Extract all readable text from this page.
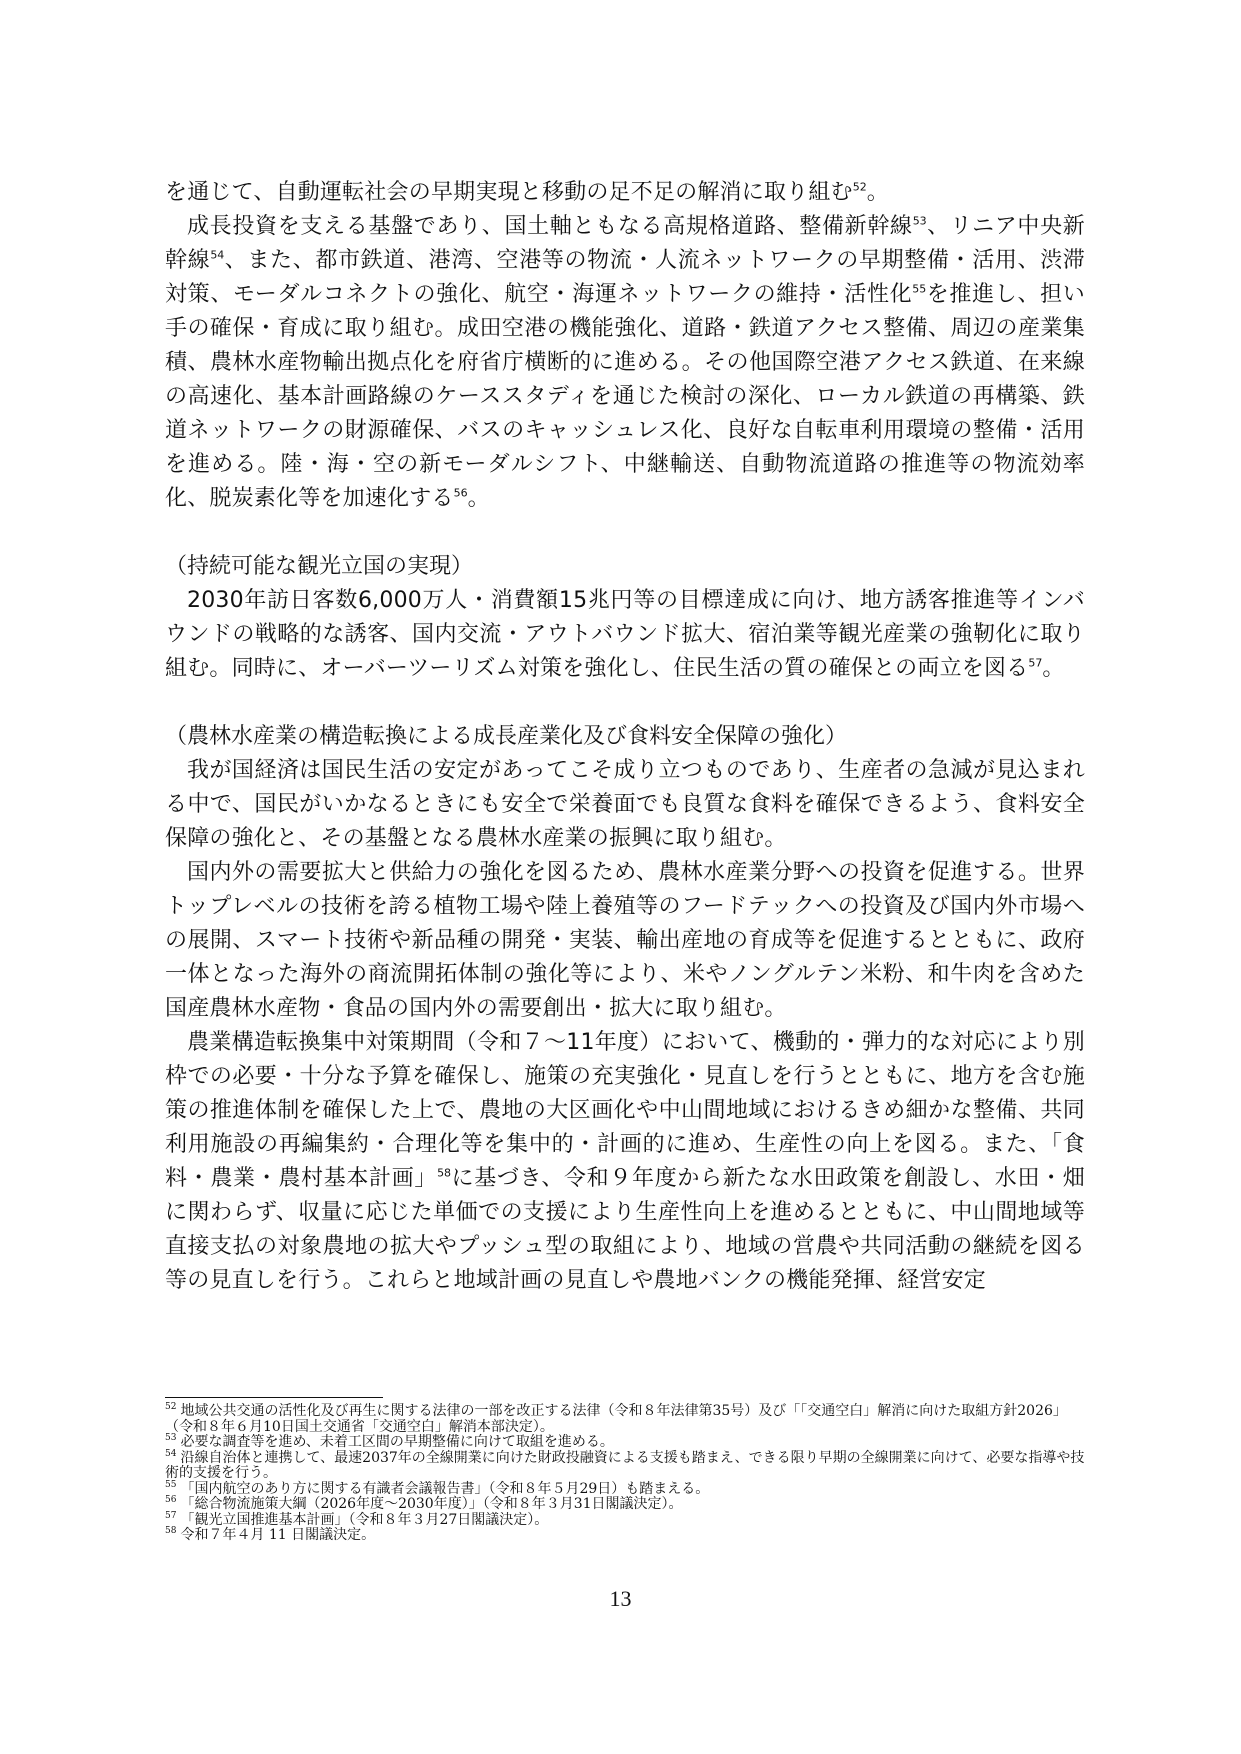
を通じて、自動運転社会の早期実現と移動の足不足の解消に取り組む$^{52}$。

成長投資を支える基盤であり、国土軸ともなる高規格道路、整備新幹線$^{53}$、リニア中央新幹線$^{54}$、また、都市鉄道、港湾、空港等の物流・人流ネットワークの早期整備・活用、渋滞対策、モーダルコネクトの強化、航空・海運ネットワークの維持・活性化$^{55}$を推進し、担い手の確保・育成に取り組む。成田空港の機能強化、道路・鉄道アクセス整備、周辺の産業集積、農林水産物輸出拠点化を府省庁横断的に進める。その他国際空港アクセス鉄道、在来線の高速化、基本計画路線のケーススタディを通じた検討の深化、ローカル鉄道の再構築、鉄道ネットワークの財源確保、バスのキャッシュレス化、良好な自転車利用環境の整備・活用を進める。陸・海・空の新モーダルシフト、中継輸送、自動物流道路の推進等の物流効率化、脱炭素化等を加速化する$^{56}$。

（持続可能な観光立国の実現）

2030年訪日客数6,000万人・消費額15兆円等の目標達成に向け、地方誘客推進等インバウンドの戦略的な誘客、国内交流・アウトバウンド拡大、宿泊業等観光産業の強靭化に取り組む。同時に、オーバーツーリズム対策を強化し、住民生活の質の確保との両立を図る$^{57}$。

（農林水産業の構造転換による成長産業化及び食料安全保障の強化）

我が国経済は国民生活の安定があってこそ成り立つものであり、生産者の急減が見込まれる中で、国民がいかなるときにも安全で栄養面でも良質な食料を確保できるよう、食料安全保障の強化と、その基盤となる農林水産業の振興に取り組む。

国内外の需要拡大と供給力の強化を図るため、農林水産業分野への投資を促進する。世界トップレベルの技術を誇る植物工場や陸上養殖等のフードテックへの投資及び国内外市場への展開、スマート技術や新品種の開発・実装、輸出産地の育成等を促進するとともに、政府一体となった海外の商流開拓体制の強化等により、米やノングルテン米粉、和牛肉を含めた国産農林水産物・食品の国内外の需要創出・拡大に取り組む。

農業構造転換集中対策期間（令和７～11年度）において、機動的・弾力的な対応により別枠での必要・十分な予算を確保し、施策の充実強化・見直しを行うとともに、地方を含む施策の推進体制を確保した上で、農地の大区画化や中山間地域におけるきめ細かな整備、共同利用施設の再編集約・合理化等を集中的・計画的に進め、生産性の向上を図る。また、「食料・農業・農村基本計画」$^{58}$に基づき、令和９年度から新たな水田政策を創設し、水田・畑に関わらず、収量に応じた単価での支援により生産性向上を進めるとともに、中山間地域等直接支払の対象農地の拡大やプッシュ型の取組により、地域の営農や共同活動の継続を図る等の見直しを行う。これらと地域計画の見直しや農地バンクの機能発揮、経営安定

$^{52}$ 地域公共交通の活性化及び再生に関する法律の一部を改正する法律（令和８年法律第35号）及び「「交通空白」解消に向けた取組方針2026」（令和８年６月10日国土交通省「交通空白」解消本部決定）。

$^{53}$ 必要な調査等を進め、未着工区間の早期整備に向けて取組を進める。

$^{54}$ 沿線自治体と連携して、最速2037年の全線開業に向けた財政投融資による支援も踏まえ、できる限り早期の全線開業に向けて、必要な指導や技術的支援を行う。

$^{55}$ 「国内航空のあり方に関する有識者会議報告書」（令和８年５月29日）も踏まえる。

$^{56}$ 「総合物流施策大綱（2026年度～2030年度）」（令和８年３月31日閣議決定）。

$^{57}$ 「観光立国推進基本計画」（令和８年３月27日閣議決定）。

$^{58}$ 令和７年４月 11 日閣議決定。

13
